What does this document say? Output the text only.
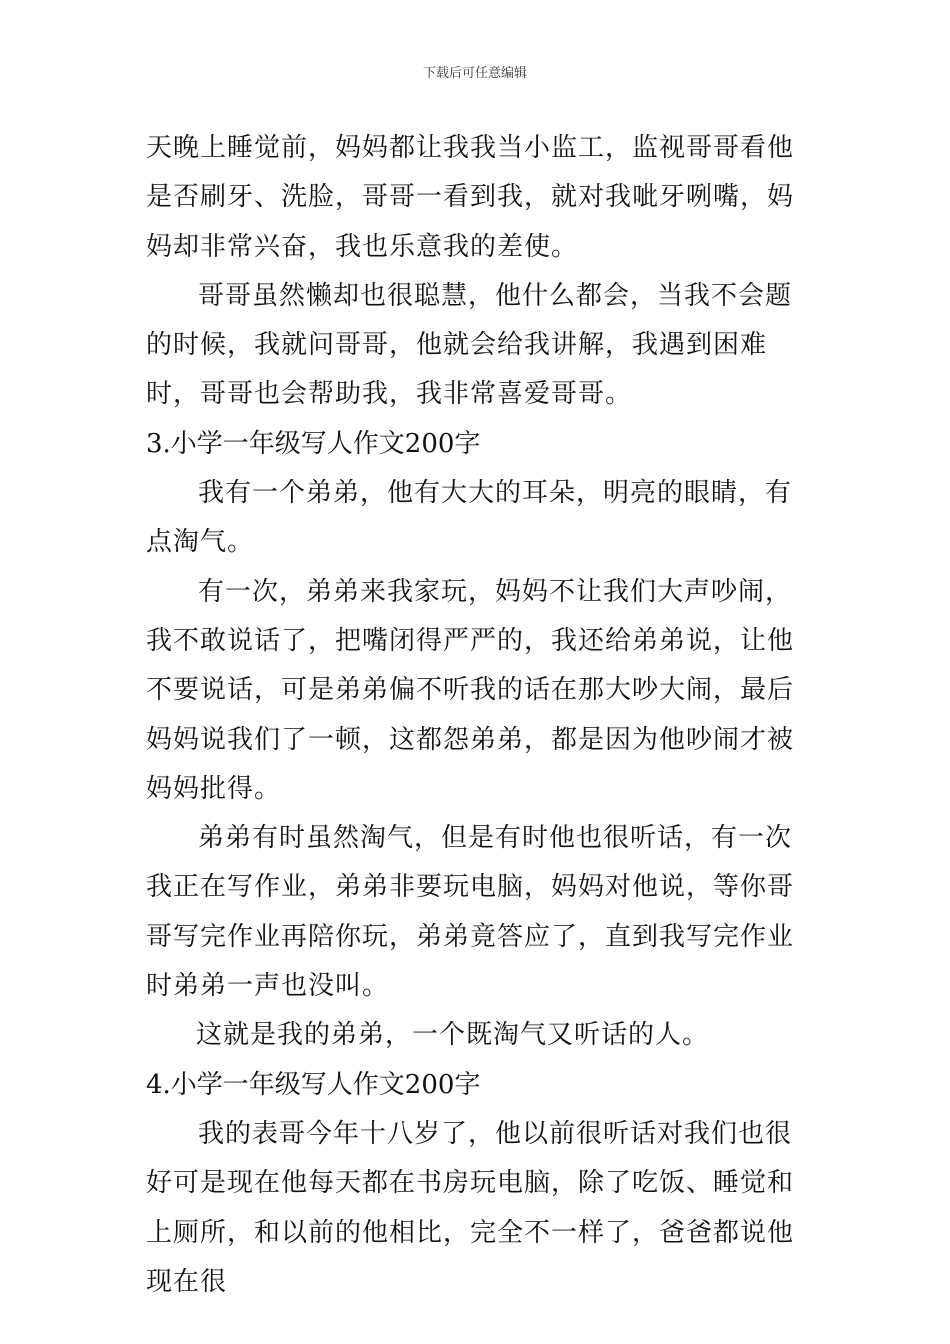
下载后可任意编辑

天晚上睡觉前，妈妈都让我我当小监工，监视哥哥看他是否刷牙、洗脸，哥哥一看到我，就对我呲牙咧嘴，妈妈却非常兴奋，我也乐意我的差使。

哥哥虽然懒却也很聪慧，他什么都会，当我不会题的时候，我就问哥哥，他就会给我讲解，我遇到困难时，哥哥也会帮助我，我非常喜爱哥哥。

3.小学一年级写人作文200字

我有一个弟弟，他有大大的耳朵，明亮的眼睛，有点淘气。

有一次，弟弟来我家玩，妈妈不让我们大声吵闹，我不敢说话了，把嘴闭得严严的，我还给弟弟说，让他不要说话，可是弟弟偏不听我的话在那大吵大闹，最后妈妈说我们了一顿，这都怨弟弟，都是因为他吵闹才被妈妈批得。

弟弟有时虽然淘气，但是有时他也很听话，有一次我正在写作业，弟弟非要玩电脑，妈妈对他说，等你哥哥写完作业再陪你玩，弟弟竟答应了，直到我写完作业时弟弟一声也没叫。

这就是我的弟弟，一个既淘气又听话的人。

4.小学一年级写人作文200字

我的表哥今年十八岁了，他以前很听话对我们也很好可是现在他每天都在书房玩电脑，除了吃饭、睡觉和上厕所，和以前的他相比，完全不一样了，爸爸都说他现在很
